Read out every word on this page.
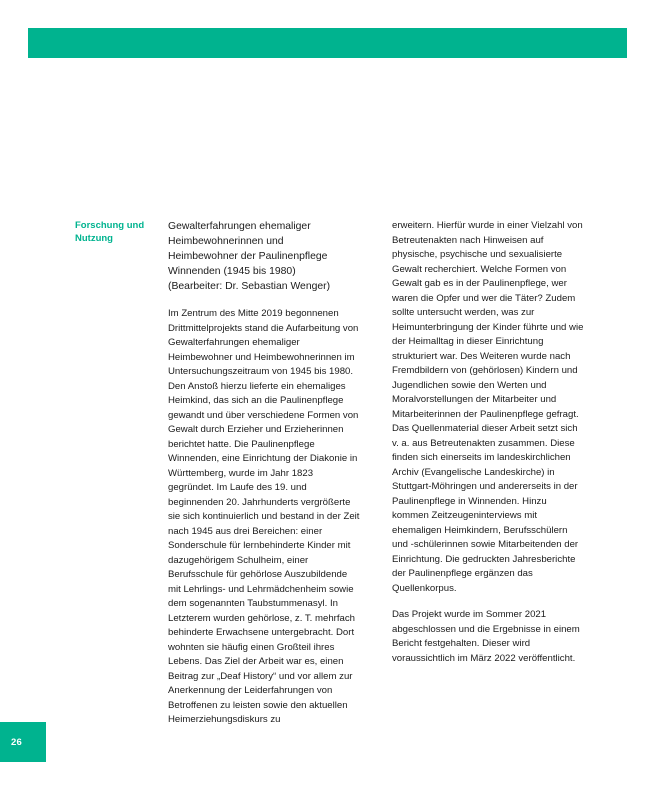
Forschung und
Nutzung
Gewalterfahrungen ehemaliger
Heimbewohnerinnen und
Heimbewohner der Paulinenpflege
Winnenden (1945 bis 1980)
(Bearbeiter: Dr. Sebastian Wenger)

Im Zentrum des Mitte 2019 begonnenen Drittmittelprojekts stand die Aufarbeitung von Gewalterfahrungen ehemaliger Heimbewohner und Heimbewohnerinnen im Untersuchungszeitraum von 1945 bis 1980. Den Anstoß hierzu lieferte ein ehemaliges Heimkind, das sich an die Paulinenpflege gewandt und über verschiedene Formen von Gewalt durch Erzieher und Erzieherinnen berichtet hatte. Die Paulinenpflege Winnenden, eine Einrichtung der Diakonie in Württemberg, wurde im Jahr 1823 gegründet. Im Laufe des 19. und beginnenden 20. Jahrhunderts vergrößerte sie sich kontinuierlich und bestand in der Zeit nach 1945 aus drei Bereichen: einer Sonderschule für lernbehinderte Kinder mit dazugehörigem Schulheim, einer Berufsschule für gehörlose Auszubildende mit Lehrlings- und Lehrmädchenheim sowie dem sogenannten Taubstummenasyl. In Letzterem wurden gehörlose, z. T. mehrfach behinderte Erwachsene untergebracht. Dort wohnten sie häufig einen Großteil ihres Lebens. Das Ziel der Arbeit war es, einen Beitrag zur „Deaf History“ und vor allem zur Anerkennung der Leiderfahrungen von Betroffenen zu leisten sowie den aktuellen Heimerziehungsdiskurs zu

erweitern. Hierfür wurde in einer Vielzahl von Betreutenakten nach Hinweisen auf physische, psychische und sexualisierte Gewalt recherchiert. Welche Formen von Gewalt gab es in der Paulinenpflege, wer waren die Opfer und wer die Täter? Zudem sollte untersucht werden, was zur Heimunterbringung der Kinder führte und wie der Heimalltag in dieser Einrichtung strukturiert war. Des Weiteren wurde nach Fremdbildern von (gehörlosen) Kindern und Jugendlichen sowie den Werten und Moralvorstellungen der Mitarbeiter und Mitarbeiterinnen der Paulinenpflege gefragt. Das Quellenmaterial dieser Arbeit setzt sich v. a. aus Betreutenakten zusammen. Diese finden sich einerseits im landeskirchlichen Archiv (Evangelische Landeskirche) in Stuttgart-Möhringen und andererseits in der Paulinenpflege in Winnenden. Hinzu kommen Zeitzeugeninterviews mit ehemaligen Heimkindern, Berufsschülern und -schülerinnen sowie Mitarbeitenden der Einrichtung. Die gedruckten Jahresberichte der Paulinenpflege ergänzen das Quellenkorpus.

Das Projekt wurde im Sommer 2021 abgeschlossen und die Ergebnisse in einem Bericht festgehalten. Dieser wird voraussichtlich im März 2022 veröffentlicht.

26
